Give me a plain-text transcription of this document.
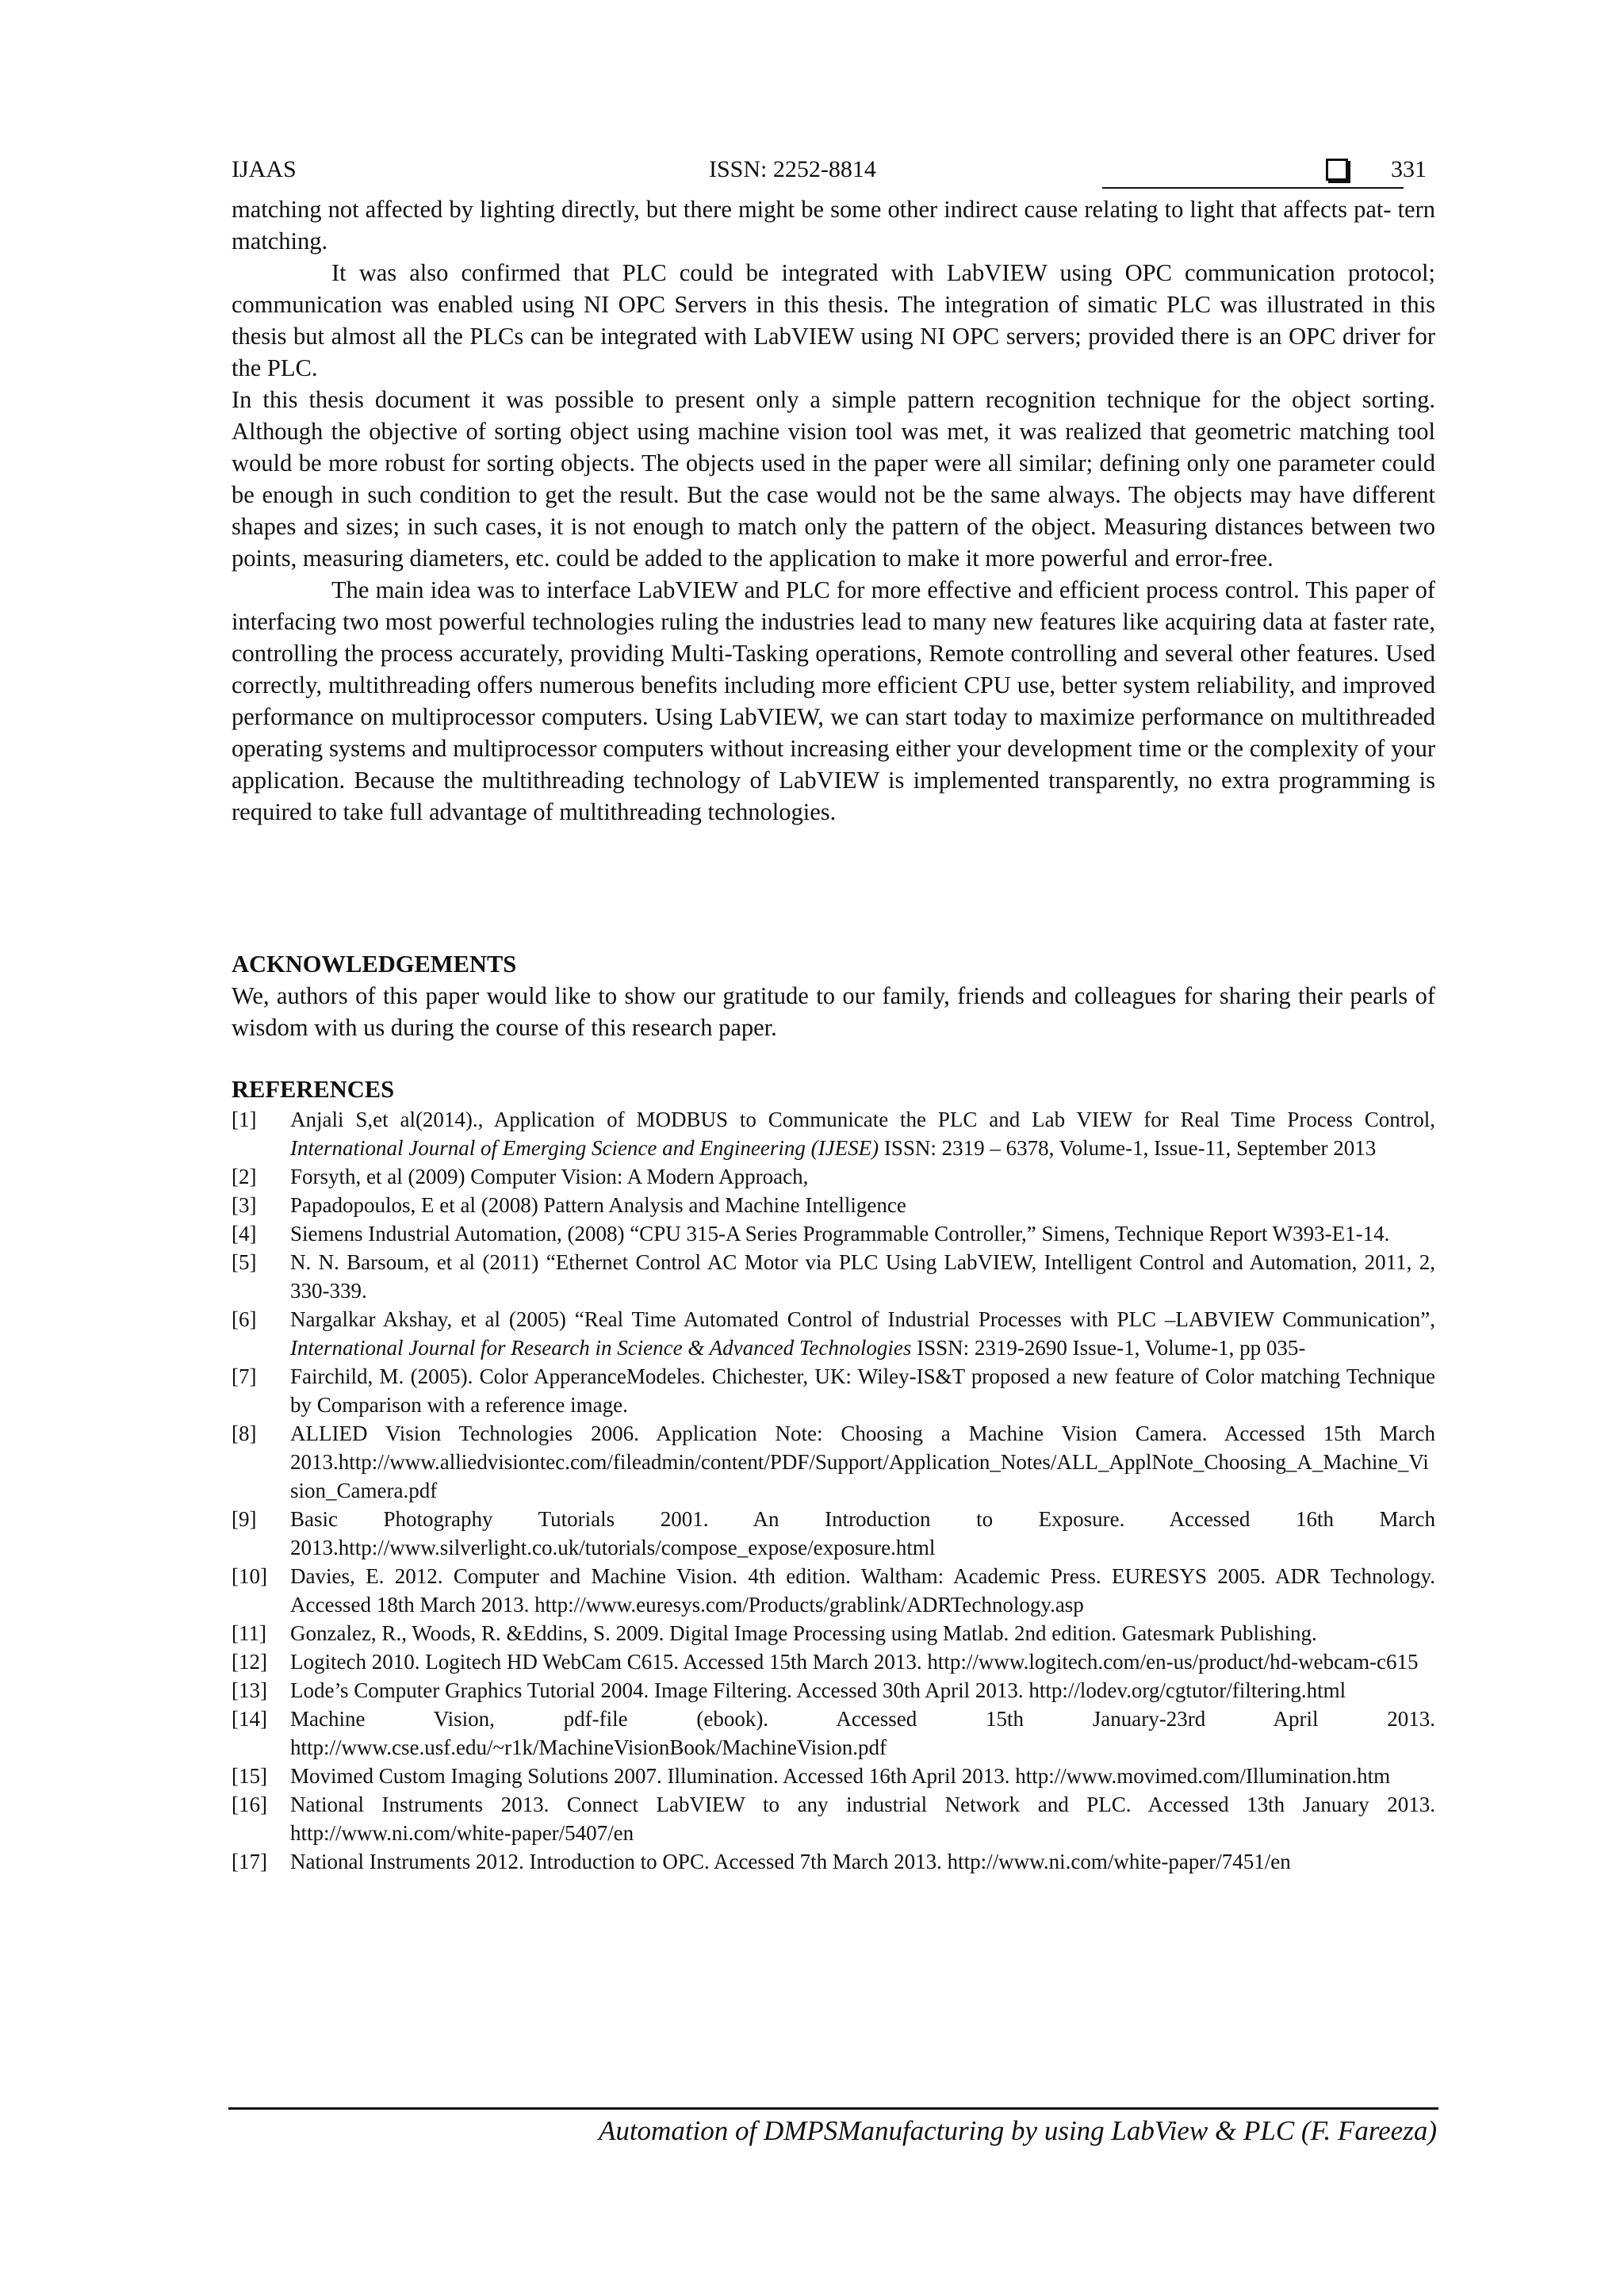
IJAAS	ISSN: 2252-8814	331

matching not affected by lighting directly, but there might be some other indirect cause relating to light that affects pat- tern matching.

It was also confirmed that PLC could be integrated with LabVIEW using OPC communication protocol; communication was enabled using NI OPC Servers in this thesis. The integration of simatic PLC was illustrated in this thesis but almost all the PLCs can be integrated with LabVIEW using NI OPC servers; provided there is an OPC driver for the PLC.

In this thesis document it was possible to present only a simple pattern recognition technique for the object sorting. Although the objective of sorting object using machine vision tool was met, it was realized that geometric matching tool would be more robust for sorting objects. The objects used in the paper were all similar; defining only one parameter could be enough in such condition to get the result. But the case would not be the same always. The objects may have different shapes and sizes; in such cases, it is not enough to match only the pattern of the object. Measuring distances between two points, measuring diameters, etc. could be added to the application to make it more powerful and error-free.

The main idea was to interface LabVIEW and PLC for more effective and efficient process control. This paper of interfacing two most powerful technologies ruling the industries lead to many new features like acquiring data at faster rate, controlling the process accurately, providing Multi-Tasking operations, Remote controlling and several other features. Used correctly, multithreading offers numerous benefits including more efficient CPU use, better system reliability, and improved performance on multiprocessor computers. Using LabVIEW, we can start today to maximize performance on multithreaded operating systems and multiprocessor computers without increasing either your development time or the complexity of your application. Because the multithreading technology of LabVIEW is implemented transparently, no extra programming is required to take full advantage of multithreading technologies.

ACKNOWLEDGEMENTS
We, authors of this paper would like to show our gratitude to our family, friends and colleagues for sharing their pearls of wisdom with us during the course of this research paper.
REFERENCES
[1]	Anjali S,et al(2014)., Application of MODBUS to Communicate the PLC and Lab VIEW for Real Time Process Control, International Journal of Emerging Science and Engineering (IJESE) ISSN: 2319 – 6378, Volume-1, Issue-11, September 2013
[2]	Forsyth, et al (2009) Computer Vision: A Modern Approach,
[3]	Papadopoulos, E et al (2008) Pattern Analysis and Machine Intelligence
[4]	Siemens Industrial Automation, (2008) “CPU 315-A Series Programmable Controller,” Simens, Technique Report W393-E1-14.
[5]	N. N. Barsoum, et al (2011) “Ethernet Control AC Motor via PLC Using LabVIEW, Intelligent Control and Automation, 2011, 2, 330-339.
[6]	Nargalkar Akshay, et al (2005) “Real Time Automated Control of Industrial Processes with PLC –LABVIEW Communication”, International Journal for Research in Science & Advanced Technologies ISSN: 2319-2690 Issue-1, Volume-1, pp 035-
[7]	Fairchild, M. (2005). Color ApperanceModeles. Chichester, UK: Wiley-IS&T proposed a new feature of Color matching Technique by Comparison with a reference image.
[8]	ALLIED Vision Technologies 2006. Application Note: Choosing a Machine Vision Camera. Accessed 15th March 2013.http://www.alliedvisiontec.com/fileadmin/content/PDF/Support/Application_Notes/ALL_ApplNote_Choosing_A_Machine_Vision_Camera.pdf
[9]	Basic Photography Tutorials 2001. An Introduction to Exposure. Accessed 16th March 2013.http://www.silverlight.co.uk/tutorials/compose_expose/exposure.html
[10]	Davies, E. 2012. Computer and Machine Vision. 4th edition. Waltham: Academic Press. EURESYS 2005. ADR Technology. Accessed 18th March 2013. http://www.euresys.com/Products/grablink/ADRTechnology.asp
[11]	Gonzalez, R., Woods, R. &Eddins, S. 2009. Digital Image Processing using Matlab. 2nd edition. Gatesmark Publishing.
[12]	Logitech 2010. Logitech HD WebCam C615. Accessed 15th March 2013. http://www.logitech.com/en-us/product/hd-webcam-c615
[13]	Lode’s Computer Graphics Tutorial 2004. Image Filtering. Accessed 30th April 2013. http://lodev.org/cgtutor/filtering.html
[14]	Machine Vision, pdf-file (ebook). Accessed 15th January-23rd April 2013. http://www.cse.usf.edu/~r1k/MachineVisionBook/MachineVision.pdf
[15]	Movimed Custom Imaging Solutions 2007. Illumination. Accessed 16th April 2013. http://www.movimed.com/Illumination.htm
[16]	National Instruments 2013. Connect LabVIEW to any industrial Network and PLC. Accessed 13th January 2013. http://www.ni.com/white-paper/5407/en
[17]	National Instruments 2012. Introduction to OPC. Accessed 7th March 2013. http://www.ni.com/white-paper/7451/en
Automation of DMPSManufacturing by using LabView & PLC (F. Fareeza)
